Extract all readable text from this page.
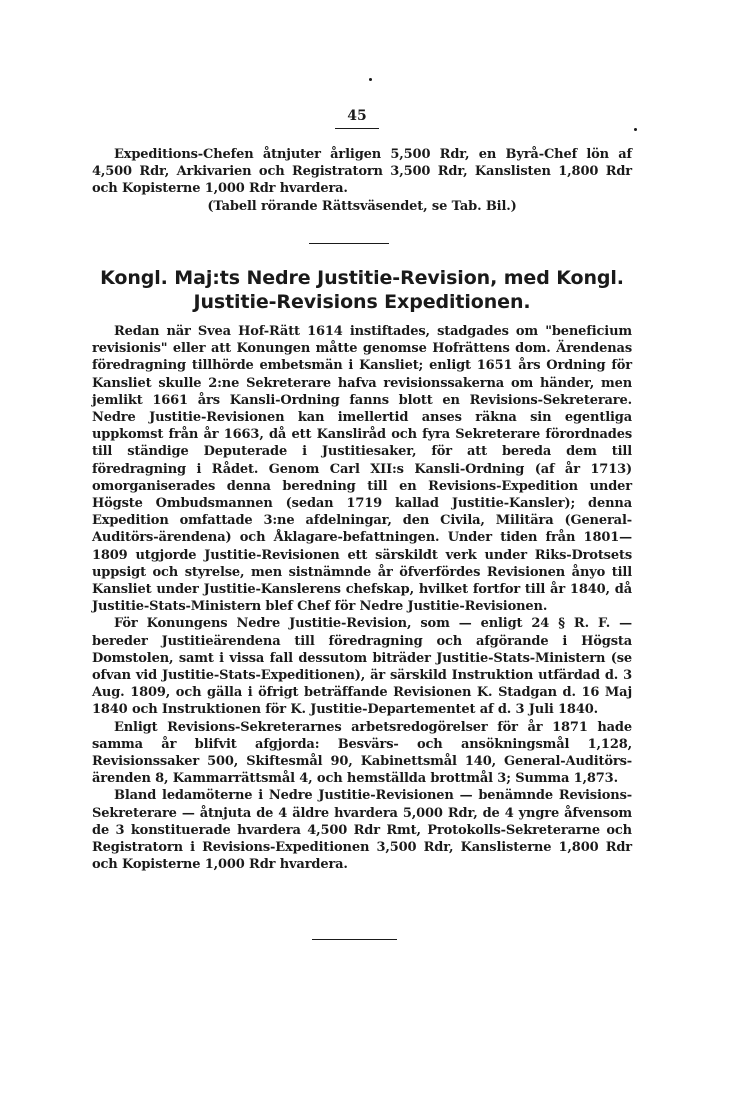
45

Expeditions-Chefen åtnjuter årligen 5,500 Rdr, en Byrå-Chef lön af 4,500 Rdr, Arkivarien och Registratorn 3,500 Rdr, Kanslisten 1,800 Rdr och Kopisterne 1,000 Rdr hvardera.

(Tabell rörande Rättsväsendet, se Tab. Bil.)

Kongl. Maj:ts Nedre Justitie-Revision, med Kongl.
Justitie-Revisions Expeditionen.

Redan när Svea Hof-Rätt 1614 instiftades, stadgades om "beneficium revisionis" eller att Konungen måtte genomse Hofrättens dom. Ärendenas föredragning tillhörde embetsmän i Kansliet; enligt 1651 års Ordning för Kansliet skulle 2:ne Sekreterare hafva revisionssakerna om händer, men jemlikt 1661 års Kansli-Ordning fanns blott en Revisions-Sekreterare. Nedre Justitie-Revisionen kan imellertid anses räkna sin egentliga uppkomst från år 1663, då ett Kansliråd och fyra Sekreterare förordnades till ständige Deputerade i Justitiesaker, för att bereda dem till föredragning i Rådet. Genom Carl XII:s Kansli-Ordning (af år 1713) omorganiserades denna beredning till en Revisions-Expedition under Högste Ombudsmannen (sedan 1719 kallad Justitie-Kansler); denna Expedition omfattade 3:ne afdelningar, den Civila, Militära (General-Auditörs-ärendena) och Åklagare-befattningen. Under tiden från 1801—1809 utgjorde Justitie-Revisionen ett särskildt verk under Riks-Drotsets uppsigt och styrelse, men sistnämnde år öfverfördes Revisionen ånyo till Kansliet under Justitie-Kanslerens chefskap, hvilket fortfor till år 1840, då Justitie-Stats-Ministern blef Chef för Nedre Justitie-Revisionen.

För Konungens Nedre Justitie-Revision, som — enligt 24 § R. F. — bereder Justitieärendena till föredragning och afgörande i Högsta Domstolen, samt i vissa fall dessutom biträder Justitie-Stats-Ministern (se ofvan vid Justitie-Stats-Expeditionen), är särskild Instruktion utfärdad d. 3 Aug. 1809, och gälla i öfrigt beträffande Revisionen K. Stadgan d. 16 Maj 1840 och Instruktionen för K. Justitie-Departementet af d. 3 Juli 1840.

Enligt Revisions-Sekreterarnes arbetsredogörelser för år 1871 hade samma år blifvit afgjorda: Besvärs- och ansökningsmål 1,128, Revisionssaker 500, Skiftesmål 90, Kabinettsmål 140, General-Auditörs-ärenden 8, Kammarrättsmål 4, och hemställda brottmål 3; Summa 1,873.

Bland ledamöterne i Nedre Justitie-Revisionen — benämnde Revisions-Sekreterare — åtnjuta de 4 äldre hvardera 5,000 Rdr, de 4 yngre åfvensom de 3 konstituerade hvardera 4,500 Rdr Rmt, Protokolls-Sekreterarne och Registratorn i Revisions-Expeditionen 3,500 Rdr, Kanslisterne 1,800 Rdr och Kopisterne 1,000 Rdr hvardera.
